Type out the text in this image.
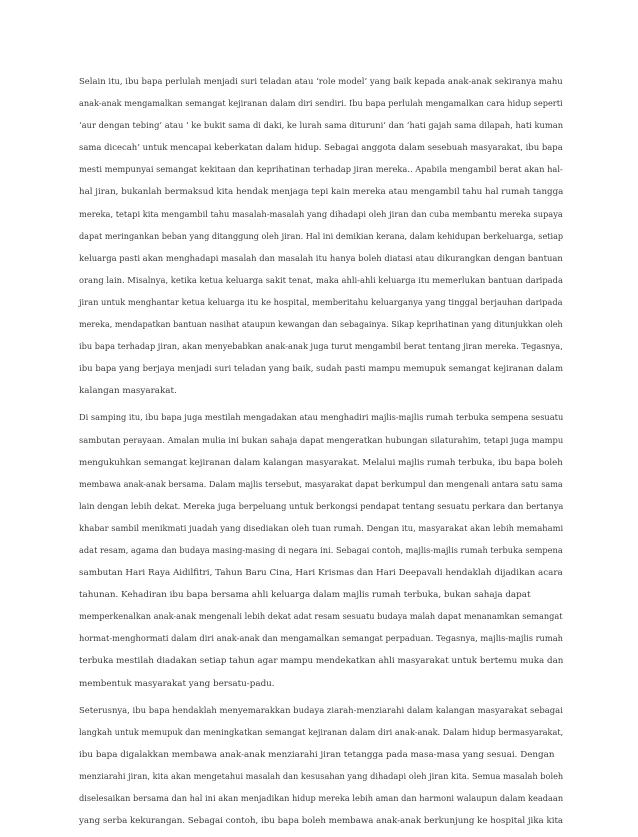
Selain itu, ibu bapa perlulah menjadi suri teladan atau ‘role model’ yang baik kepada anak-anak sekiranya mahu
anak-anak mengamalkan semangat kejiranan dalam diri sendiri. Ibu bapa perlulah mengamalkan cara hidup seperti
‘aur dengan tebing’ atau ‘ ke bukit sama di daki, ke lurah sama dituruni’ dan ‘hati gajah sama dilapah, hati kuman
sama dicecah’ untuk mencapai keberkatan dalam hidup. Sebagai anggota dalam sesebuah masyarakat, ibu bapa
mesti mempunyai semangat kekitaan dan keprihatinan terhadap jiran mereka.. Apabila mengambil berat akan hal-
hal jiran, bukanlah bermaksud kita hendak menjaga tepi kain mereka atau mengambil tahu hal rumah tangga
mereka, tetapi kita mengambil tahu masalah-masalah yang dihadapi oleh jiran dan cuba membantu mereka supaya
dapat meringankan beban yang ditanggung oleh jiran. Hal ini demikian kerana, dalam kehidupan berkeluarga, setiap
keluarga pasti akan menghadapi masalah dan masalah itu hanya boleh diatasi atau dikurangkan dengan bantuan
orang lain. Misalnya, ketika ketua keluarga sakit tenat, maka ahli-ahli keluarga itu memerlukan bantuan daripada
jiran untuk menghantar ketua keluarga itu ke hospital, memberitahu keluarganya yang tinggal berjauhan daripada
mereka, mendapatkan bantuan nasihat ataupun kewangan dan sebagainya. Sikap keprihatinan yang ditunjukkan oleh
ibu bapa terhadap jiran, akan menyebabkan anak-anak juga turut mengambil berat tentang jiran mereka. Tegasnya,
ibu bapa yang berjaya menjadi suri teladan yang baik, sudah pasti mampu memupuk semangat kejiranan dalam
kalangan masyarakat.
Di samping itu, ibu bapa juga mestilah mengadakan atau menghadiri majlis-majlis rumah terbuka sempena sesuatu
sambutan perayaan. Amalan mulia ini bukan sahaja dapat mengeratkan hubungan silaturahim, tetapi juga mampu
mengukuhkan semangat kejiranan dalam kalangan masyarakat. Melalui majlis rumah terbuka, ibu bapa boleh
membawa anak-anak bersama. Dalam majlis tersebut, masyarakat dapat berkumpul dan mengenali antara satu sama
lain dengan lebih dekat. Mereka juga berpeluang untuk berkongsi pendapat tentang sesuatu perkara dan bertanya
khabar sambil menikmati juadah yang disediakan oleh tuan rumah. Dengan itu, masyarakat akan lebih memahami
adat resam, agama dan budaya masing-masing di negara ini. Sebagai contoh, majlis-majlis rumah terbuka sempena
sambutan Hari Raya Aidilfitri, Tahun Baru Cina, Hari Krismas dan Hari Deepavali hendaklah dijadikan acara
tahunan. Kehadiran ibu bapa bersama ahli keluarga dalam majlis rumah terbuka, bukan sahaja dapat
memperkenalkan anak-anak mengenali lebih dekat adat resam sesuatu budaya malah dapat menanamkan semangat
hormat-menghormati dalam diri anak-anak dan mengamalkan semangat perpaduan. Tegasnya, majlis-majlis rumah
terbuka mestilah diadakan setiap tahun agar mampu mendekatkan ahli masyarakat untuk bertemu muka dan
membentuk masyarakat yang bersatu-padu.
Seterusnya, ibu bapa hendaklah menyemarakkan budaya ziarah-menziarahi dalam kalangan masyarakat sebagai
langkah untuk memupuk dan meningkatkan semangat kejiranan dalam diri anak-anak. Dalam hidup bermasyarakat,
ibu bapa digalakkan membawa anak-anak menziarahi jiran tetangga pada masa-masa yang sesuai. Dengan
menziarahi jiran, kita akan mengetahui masalah dan kesusahan yang dihadapi oleh jiran kita. Semua masalah boleh
diselesaikan bersama dan hal ini akan menjadikan hidup mereka lebih aman dan harmoni walaupun dalam keadaan
yang serba kekurangan. Sebagai contoh, ibu bapa boleh membawa anak-anak berkunjung ke hospital jika kita
